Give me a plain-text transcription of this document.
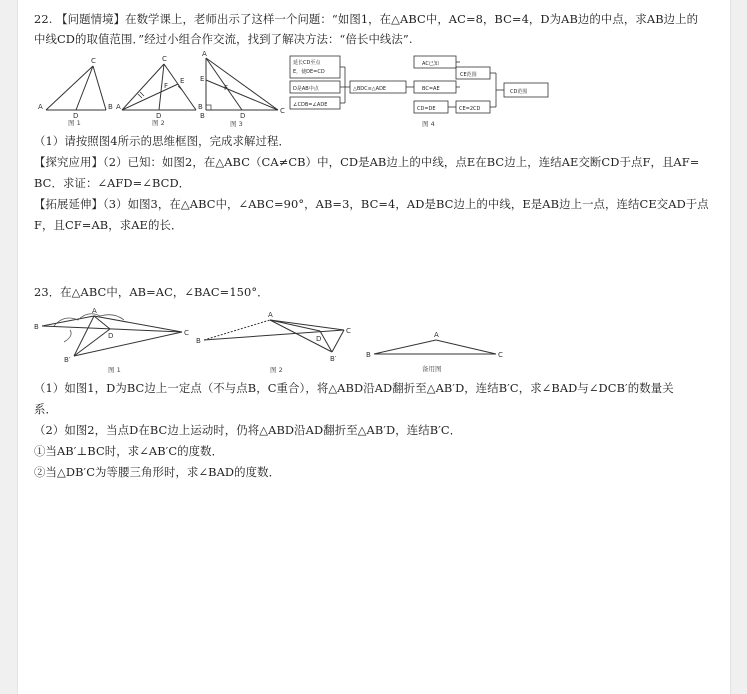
22. 【问题情境】在数学课上，老师出示了这样一个问题：“如图1，在△ABC中，AC=8，BC=4，D为AB边的中点，求AB边上的
中线CD的取值范围．”经过小组合作交流，找到了解决方法：“倍长中线法”.
A	B
C
D
图 1
A	B
C
D
E
F
图 2
A
B
C
D
E
F
图 3
延长CD至点
E，使DE=CD
D是AB中点
∠CDB=∠ADE
△BDC≌△ADE
AC已知
BC=AE
CE范围
CD=DE	CE=2CD
CD范围
图 4
（1）请按照图4所示的思维框图，完成求解过程．
【探究应用】（2）已知：如图2，在△ABC（CA≠CB）中，CD是AB边上的中线，点E在BC边上，连结AE交断CD于点F，且AF=
BC．求证：∠AFD=∠BCD．
【拓展延伸】（3）如图3，在△ABC中，∠ABC=90°，AB=3，BC=4，AD是BC边上的中线，E是AB边上一点，连结CE交AD于点
F，且CF=AB，求AE的长．
23．在△ABC中，AB=AC，∠BAC=150°．
B
C
A
D
B′
图 1
B
A
C
D
B′
图 2
B
A
C
备用图
（1）如图1，D为BC边上一定点（不与点B，C重合），将△ABD沿AD翻折至△AB′D，连结B′C，求∠BAD与∠DCB′的数量关
系．
（2）如图2，当点D在BC边上运动时，仍将△ABD沿AD翻折至△AB′D，连结B′C．
①当AB′⊥BC时，求∠AB′C的度数．
②当△DB′C为等腰三角形时，求∠BAD的度数．
